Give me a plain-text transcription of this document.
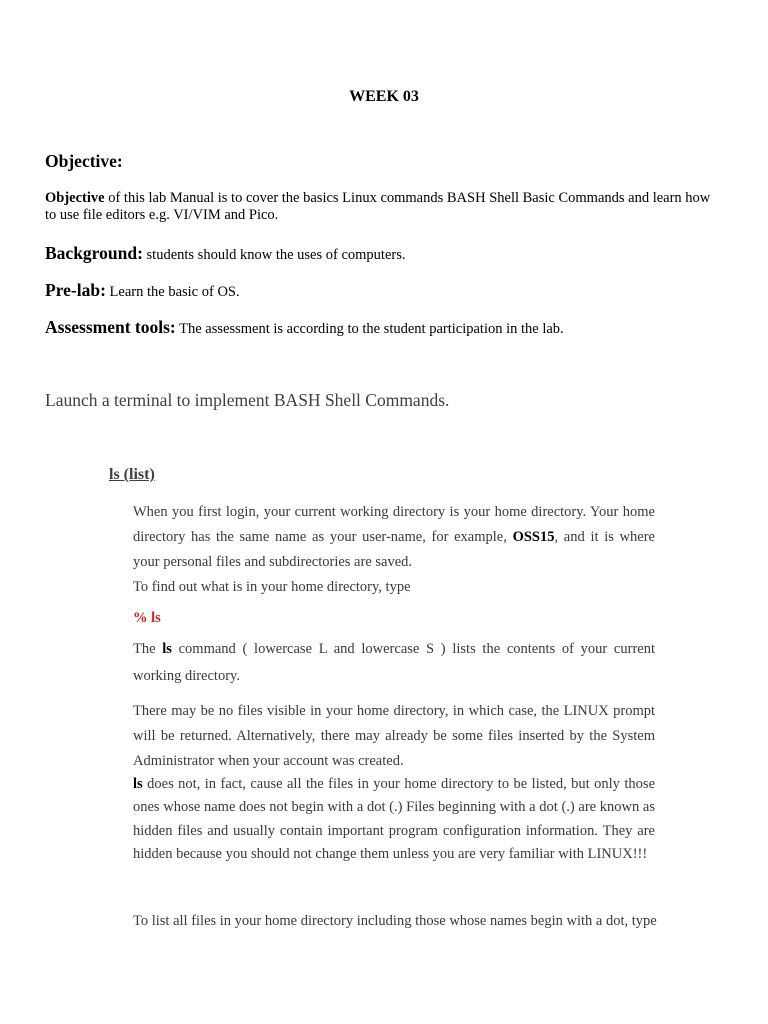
WEEK 03
Objective:
Objective of this lab Manual is to cover the basics Linux commands BASH Shell Basic Commands and learn how to use file editors e.g. VI/VIM and Pico.
Background: students should know the uses of computers.
Pre-lab: Learn the basic of OS.
Assessment tools: The assessment is according to the student participation in the lab.
Launch a terminal to implement BASH Shell Commands.
ls (list)
When you first login, your current working directory is your home directory. Your home directory has the same name as your user-name, for example, OSS15, and it is where your personal files and subdirectories are saved.
To find out what is in your home directory, type
% ls
The ls command ( lowercase L and lowercase S ) lists the contents of your current working directory.
There may be no files visible in your home directory, in which case, the LINUX prompt will be returned. Alternatively, there may already be some files inserted by the System Administrator when your account was created.
ls does not, in fact, cause all the files in your home directory to be listed, but only those ones whose name does not begin with a dot (.) Files beginning with a dot (.) are known as hidden files and usually contain important program configuration information. They are hidden because you should not change them unless you are very familiar with LINUX!!!
To list all files in your home directory including those whose names begin with a dot, type
